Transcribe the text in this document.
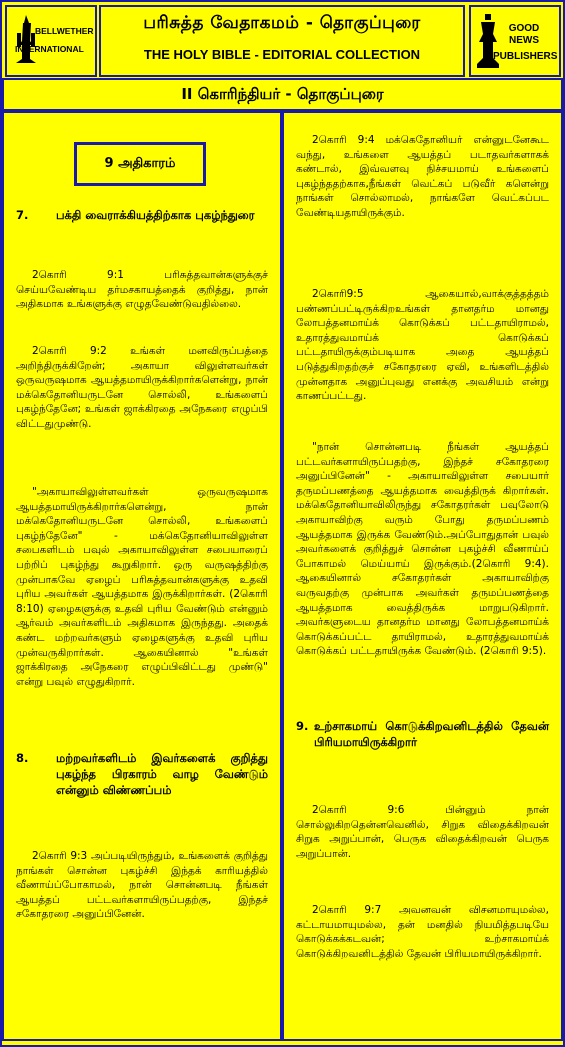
BELLWETHER
INTERNATIONAL
பரிசுத்த வேதாகமம் - தொகுப்புரை
THE HOLY BIBLE - EDITORIAL COLLECTION
GOOD NEWS
PUBLISHERS
II கொரிந்தியர் - தொகுப்புரை
9 அதிகாரம்
7.	பக்தி வைராக்கியத்திற்காக புகழ்ந்துரை
2கொரி 9:1 பரிசுத்தவான்களுக்குச் செய்யவேண்டிய தர்மசகாயத்தைக் குறித்து, நான் அதிகமாக உங்களுக்கு எழுதவேண்டுவதில்லை.
2கொரி 9:2 உங்கள் மனவிருப்பத்தை அறிந்திருக்கிறேன்; அகாயா விலுள்ளவர்கள் ஒருவருஷமாக ஆயத்தமாயிருக்கிறார்களென்று, நான் மக்கெதோனியருடனே சொல்லி, உங்களைப் புகழ்ந்தேனே; உங்கள் ஜாக்கிரதை அநேகரை எழுப்பி விட்டதுமுண்டு.
"அகாயாவிலுள்ளவர்கள் ஒருவருஷமாக ஆயத்தமாயிருக்கிறார்களென்று, நான் மக்கெதோனியருடனே சொல்லி, உங்களைப் புகழ்ந்தேனே" - மக்கெதோனியாவிலுள்ள சபைகளிடம் பவுல் அகாயாவிலுள்ள சபையாரைப் பற்றிப் புகழ்ந்து கூறுகிறார். ஒரு வருஷத்திற்கு முன்பாகவே ஏழைப் பரிசுத்தவான்களுக்கு உதவி புரிய அவர்கள் ஆயத்தமாக இருக்கிறார்கள். (2கொரி 8:10) ஏழைகளுக்கு உதவி புரிய வேண்டும் என்னும் ஆர்வம் அவர்களிடம் அதிகமாக இருந்தது. அதைக் கண்ட மற்றவர்களும் ஏழைகளுக்கு உதவி புரிய முன்வருகிறார்கள். ஆகையினால் "உங்கள் ஜாக்கிரதை அநேகரை எழுப்பிவிட்டது முண்டு" என்று பவுல் எழுதுகிறார்.
8.	மற்றவர்களிடம் இவர்களைக் குறித்து புகழ்ந்த பிரகாரம் வாழ வேண்டும் என்னும் விண்ணப்பம்
2கொரி 9:3 அப்படியிருந்தும், உங்களைக் குறித்து நாங்கள் சொன்ன புகழ்ச்சி இந்தக் காரியத்தில் வீணாய்ப்போகாமல், நான் சொன்னபடி நீங்கள் ஆயத்தப் பட்டவர்களாயிருப்பதற்கு, இந்தச் சகோதரரை அனுப்பினேன்.
2கொரி 9:4 மக்கெதோனியர் என்னுடனேகூட வந்து, உங்களை ஆயத்தப் படாதவர்களாகக் கண்டால், இவ்வளவு நிச்சயமாய் உங்களைப் புகழ்ந்ததற்காக,நீங்கள் வெட்கப் படுவீர் களென்று நாங்கள் சொல்லாமல், நாங்களே வெட்கப்பட வேண்டியதாயிருக்கும்.
2கொரி9:5 ஆகையால்,வாக்குத்தத்தம் பண்ணப்பட்டிருக்கிறஉங்கள் தானதர்ம மானது லோபத்தனமாய்க் கொடுக்கப் பட்டதாயிராமல், உதாரத்துவமாய்க் கொடுக்கப் பட்டதாயிருக்கும்படியாக அதை ஆயத்தப் படுத்துகிறதற்குச் சகோதரரை ஏவி, உங்களிடத்தில் முன்னதாக அனுப்புவது எனக்கு அவசியம் என்று காணப்பட்டது.
"நான் சொன்னபடி நீங்கள் ஆயத்தப் பட்டவர்களாயிருப்பதற்கு, இந்தச் சகோதரரை அனுப்பினேன்" - அகாயாவிலுள்ள சபையார் தருமப்பணத்தை ஆயத்தமாக வைத்திருக் கிறார்கள். மக்கெதோனியாவிலிருந்து சகோதரர்கள் பவுலோடு அகாயாவிற்கு வரும் போது தருமப்பணம் ஆயத்தமாக இருக்க வேண்டும்.அப்போதுதான் பவுல் அவர்களைக் குறித்துச் சொன்ன புகழ்ச்சி வீணாய்ப் போகாமல் மெய்யாய் இருக்கும்.(2கொரி 9:4). ஆகையினால் சகோதரர்கள் அகாயாவிற்கு வருவதற்கு முன்பாக அவர்கள் தருமப்பணத்தை ஆயத்தமாக வைத்திருக்க மாறுபடுகிறார். அவர்களுடைய தானதர்ம மானது லோபத்தனமாய்க் கொடுக்கப்பட்ட தாயிராமல், உதாரத்துவமாய்க் கொடுக்கப் பட்டதாயிருக்க வேண்டும். (2கொரி 9:5).
9. உற்சாகமாய் கொடுக்கிறவனிடத்தில் தேவன் பிரியமாயிருக்கிறார்
2கொரி 9:6 பின்னும் நான் சொல்லுகிறதென்னவெனில், சிறுக விதைக்கிறவன் சிறுக அறுப்பான், பெருக விதைக்கிறவன் பெருக அறுப்பான்.
2கொரி 9:7 அவனவன் விசனமாயுமல்ல, கட்டாயமாயுமல்ல, தன் மனதில் நியமித்தபடியே கொடுக்கக்கடவன்; உற்சாகமாய்க் கொடுக்கிறவனிடத்தில் தேவன் பிரியமாயிருக்கிறார்.
